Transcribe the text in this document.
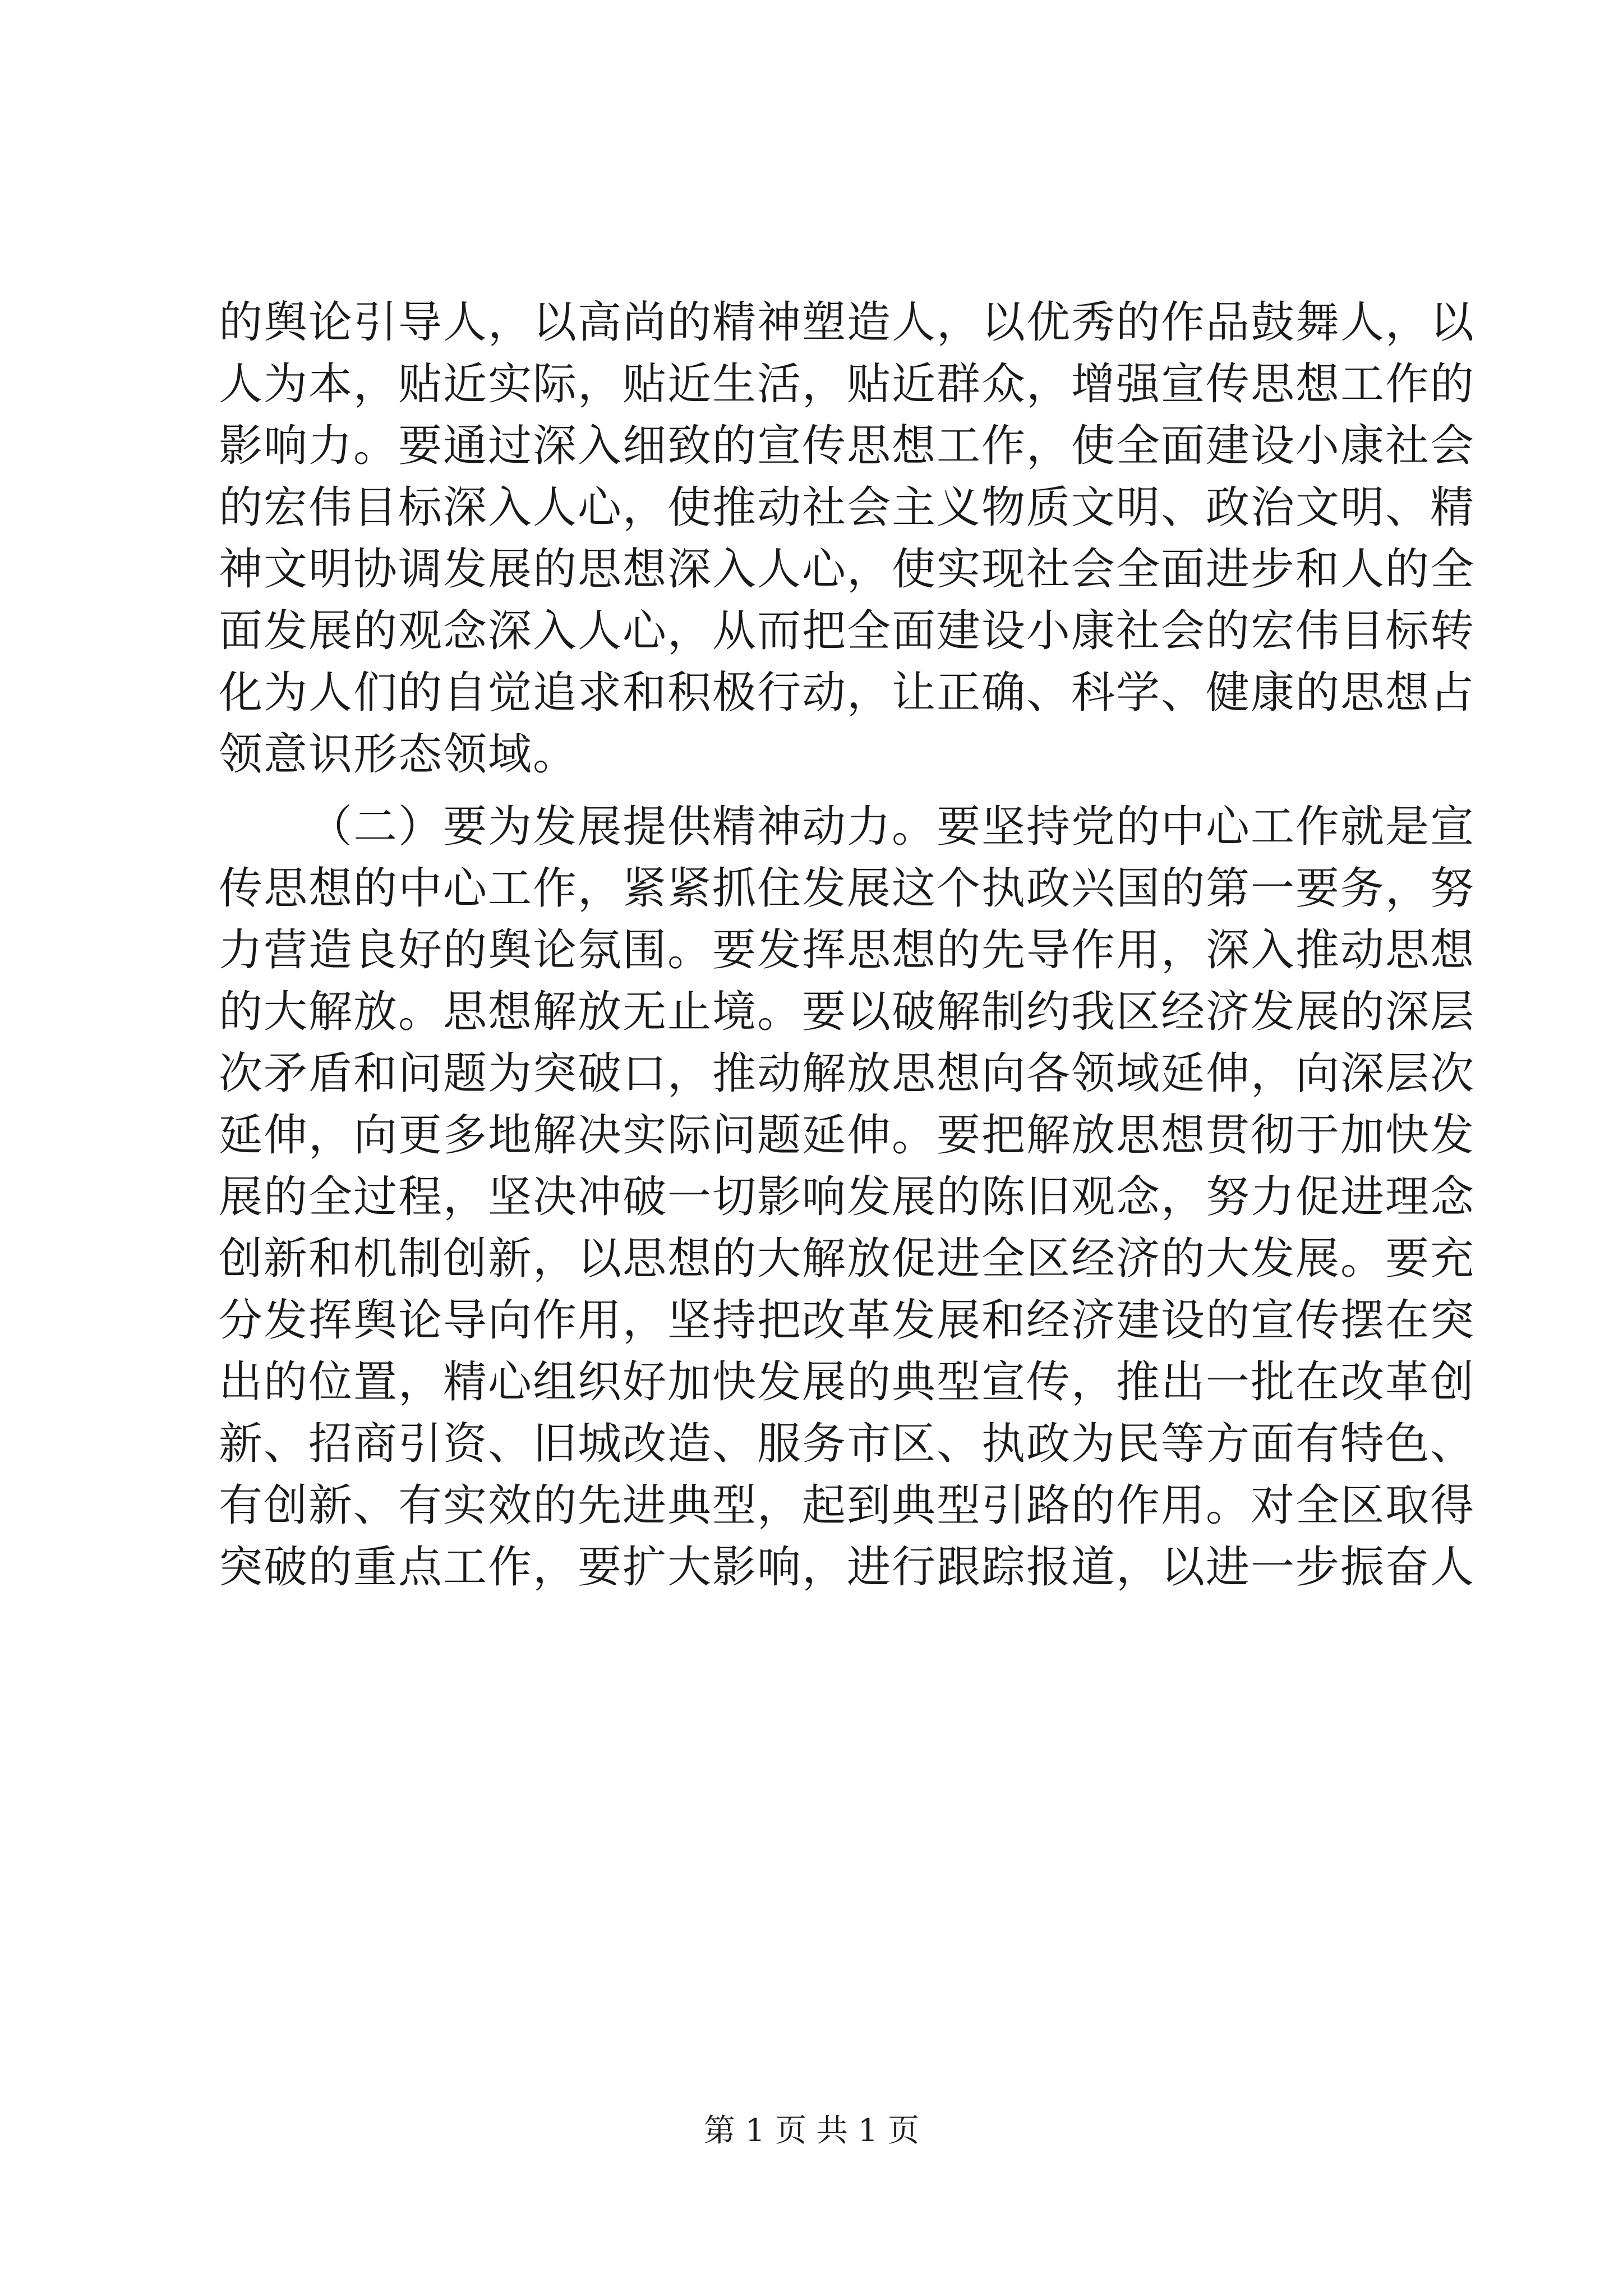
的舆论引导人，以高尚的精神塑造人，以优秀的作品鼓舞人，以
人为本，贴近实际，贴近生活，贴近群众，增强宣传思想工作的
影响力。要通过深入细致的宣传思想工作，使全面建设小康社会
的宏伟目标深入人心，使推动社会主义物质文明、政治文明、精
神文明协调发展的思想深入人心，使实现社会全面进步和人的全
面发展的观念深入人心，从而把全面建设小康社会的宏伟目标转
化为人们的自觉追求和积极行动，让正确、科学、健康的思想占
领意识形态领域。
（二）要为发展提供精神动力。要坚持党的中心工作就是宣
传思想的中心工作，紧紧抓住发展这个执政兴国的第一要务，努
力营造良好的舆论氛围。要发挥思想的先导作用，深入推动思想
的大解放。思想解放无止境。要以破解制约我区经济发展的深层
次矛盾和问题为突破口，推动解放思想向各领域延伸，向深层次
延伸，向更多地解决实际问题延伸。要把解放思想贯彻于加快发
展的全过程，坚决冲破一切影响发展的陈旧观念，努力促进理念
创新和机制创新，以思想的大解放促进全区经济的大发展。要充
分发挥舆论导向作用，坚持把改革发展和经济建设的宣传摆在突
出的位置，精心组织好加快发展的典型宣传，推出一批在改革创
新、招商引资、旧城改造、服务市区、执政为民等方面有特色、
有创新、有实效的先进典型，起到典型引路的作用。对全区取得
突破的重点工作，要扩大影响，进行跟踪报道，以进一步振奋人
第 1 页 共 1 页
